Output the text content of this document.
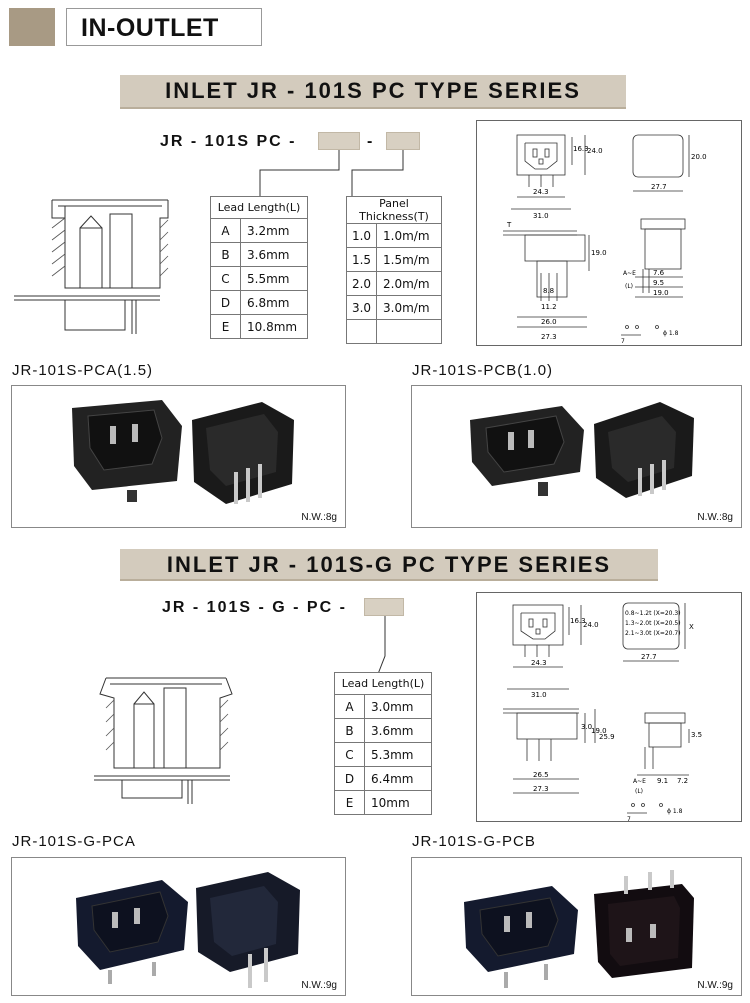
IN-OUTLET
INLET JR - 101S PC TYPE SERIES
JR - 101S PC -	-
Lead Length(L)	
A	3.2mm
B	3.6mm
C	5.5mm
D	6.8mm
E	10.8mm
Panel Thickness(T)	
1.0	1.0m/m
1.5	1.5m/m
2.0	2.0m/m
3.0	3.0m/m

16.3
24.0
24.3
31.0
20.0
27.7
T
19.0
8.8
11.2
26.0
27.3
A~E
(L)
7.6
9.5
19.0
7
ϕ 1.8
JR-101S-PCA(1.5)	JR-101S-PCB(1.0)
N.W.:8g	N.W.:8g
INLET JR - 101S-G PC TYPE SERIES
JR - 101S - G - PC -
Lead Length(L)	
A	3.0mm
B	3.6mm
C	5.3mm
D	6.4mm
E	10mm
16.3
24.0
24.3
31.0
0.8~1.2t (X=20.3)
1.3~2.0t (X=20.5)
2.1~3.0t (X=20.7)
X
27.7
3.0
19.0
25.9
26.5
27.3
3.5
A~E
(L)
9.1 7.2
7
ϕ 1.8
JR-101S-G-PCA	JR-101S-G-PCB
N.W.:9g	N.W.:9g
